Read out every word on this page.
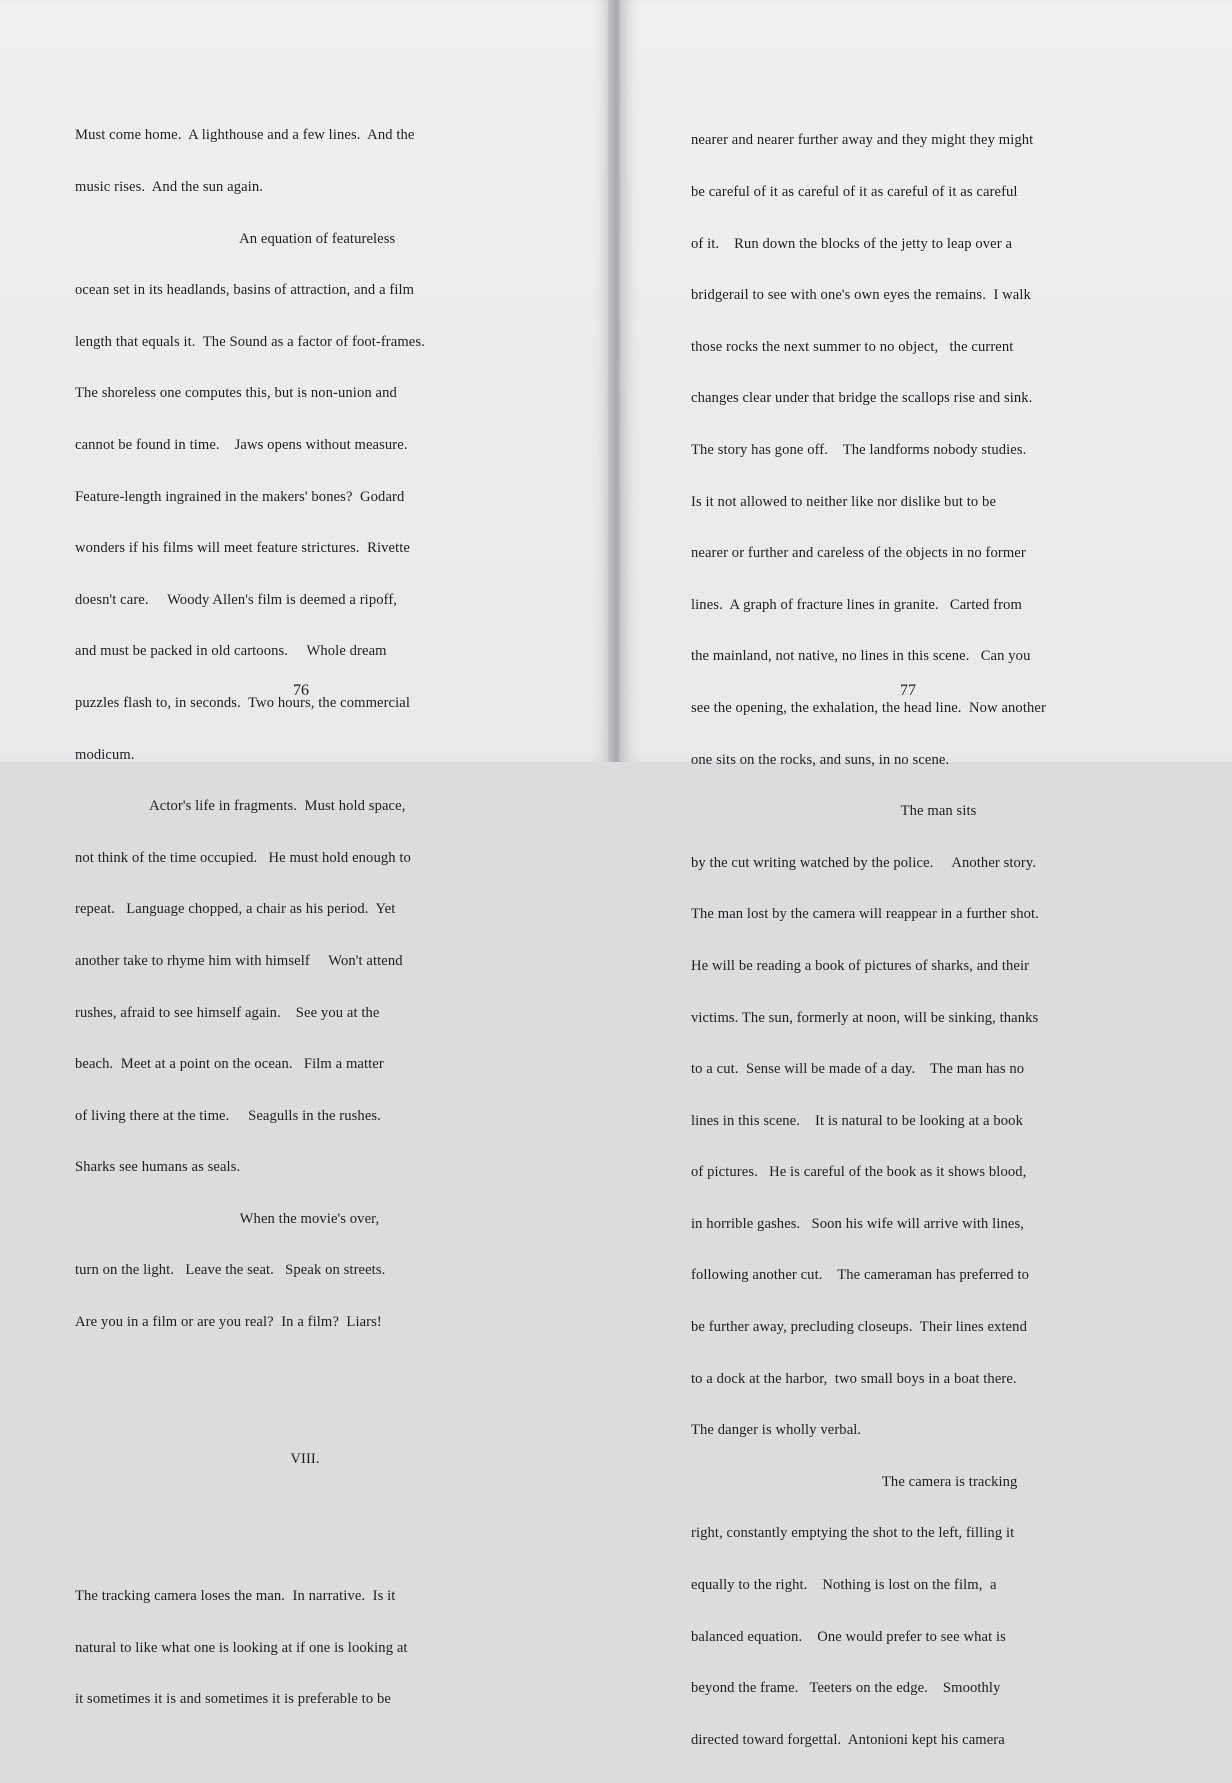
Must come home.  A lighthouse and a few lines.  And the

music rises.  And the sun again.

An equation of featureless

ocean set in its headlands, basins of attraction, and a film

length that equals it.  The Sound as a factor of foot-frames.

The shoreless one computes this, but is non-union and

cannot be found in time.    Jaws opens without measure.

Feature-length ingrained in the makers' bones?  Godard

wonders if his films will meet feature strictures.  Rivette

doesn't care.     Woody Allen's film is deemed a ripoff,

and must be packed in old cartoons.     Whole dream

puzzles flash to, in seconds.  Two hours, the commercial

modicum.

Actor's life in fragments.  Must hold space,

not think of the time occupied.   He must hold enough to

repeat.   Language chopped, a chair as his period.  Yet

another take to rhyme him with himself     Won't attend

rushes, afraid to see himself again.    See you at the

beach.  Meet at a point on the ocean.   Film a matter

of living there at the time.     Seagulls in the rushes.

Sharks see humans as seals.

When the movie's over,

turn on the light.   Leave the seat.   Speak on streets.

Are you in a film or are you real?  In a film?  Liars!

VIII.

The tracking camera loses the man.  In narrative.  Is it

natural to like what one is looking at if one is looking at

it sometimes it is and sometimes it is preferable to be

76

nearer and nearer further away and they might they might

be careful of it as careful of it as careful of it as careful

of it.    Run down the blocks of the jetty to leap over a

bridgerail to see with one's own eyes the remains.  I walk

those rocks the next summer to no object,   the current

changes clear under that bridge the scallops rise and sink.

The story has gone off.    The landforms nobody studies.

Is it not allowed to neither like nor dislike but to be

nearer or further and careless of the objects in no former

lines.  A graph of fracture lines in granite.   Carted from

the mainland, not native, no lines in this scene.   Can you

see the opening, the exhalation, the head line.  Now another

one sits on the rocks, and suns, in no scene.

The man sits

by the cut writing watched by the police.     Another story.

The man lost by the camera will reappear in a further shot.

He will be reading a book of pictures of sharks, and their

victims. The sun, formerly at noon, will be sinking, thanks

to a cut.  Sense will be made of a day.    The man has no

lines in this scene.    It is natural to be looking at a book

of pictures.   He is careful of the book as it shows blood,

in horrible gashes.   Soon his wife will arrive with lines,

following another cut.    The cameraman has preferred to

be further away, precluding closeups.  Their lines extend

to a dock at the harbor,  two small boys in a boat there.

The danger is wholly verbal.

The camera is tracking

right, constantly emptying the shot to the left, filling it

equally to the right.    Nothing is lost on the film,  a

balanced equation.    One would prefer to see what is

beyond the frame.   Teeters on the edge.    Smoothly

directed toward forgettal.  Antonioni kept his camera

77
